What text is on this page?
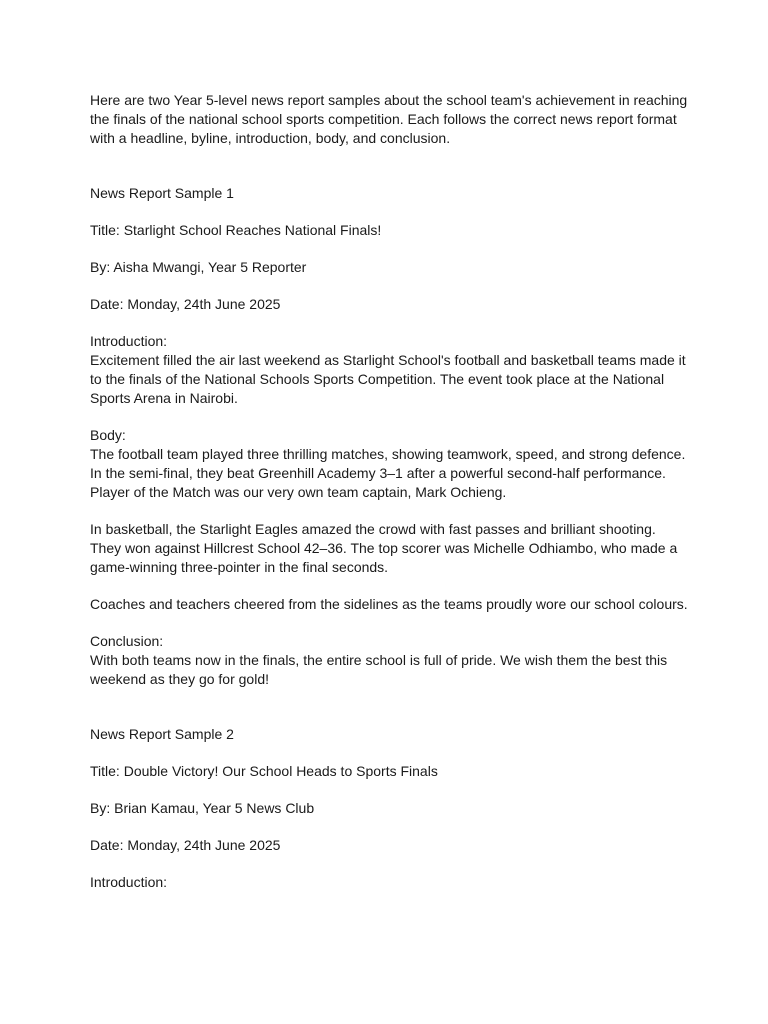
Here are two Year 5-level news report samples about the school team's achievement in reaching the finals of the national school sports competition. Each follows the correct news report format with a headline, byline, introduction, body, and conclusion.

News Report Sample 1

Title: Starlight School Reaches National Finals!

By: Aisha Mwangi, Year 5 Reporter

Date: Monday, 24th June 2025

Introduction:

Excitement filled the air last weekend as Starlight School's football and basketball teams made it to the finals of the National Schools Sports Competition. The event took place at the National Sports Arena in Nairobi.

Body:

The football team played three thrilling matches, showing teamwork, speed, and strong defence. In the semi-final, they beat Greenhill Academy 3–1 after a powerful second-half performance. Player of the Match was our very own team captain, Mark Ochieng.

In basketball, the Starlight Eagles amazed the crowd with fast passes and brilliant shooting. They won against Hillcrest School 42–36. The top scorer was Michelle Odhiambo, who made a game-winning three-pointer in the final seconds.

Coaches and teachers cheered from the sidelines as the teams proudly wore our school colours.

Conclusion:

With both teams now in the finals, the entire school is full of pride. We wish them the best this weekend as they go for gold!

News Report Sample 2

Title: Double Victory! Our School Heads to Sports Finals

By: Brian Kamau, Year 5 News Club

Date: Monday, 24th June 2025

Introduction:
